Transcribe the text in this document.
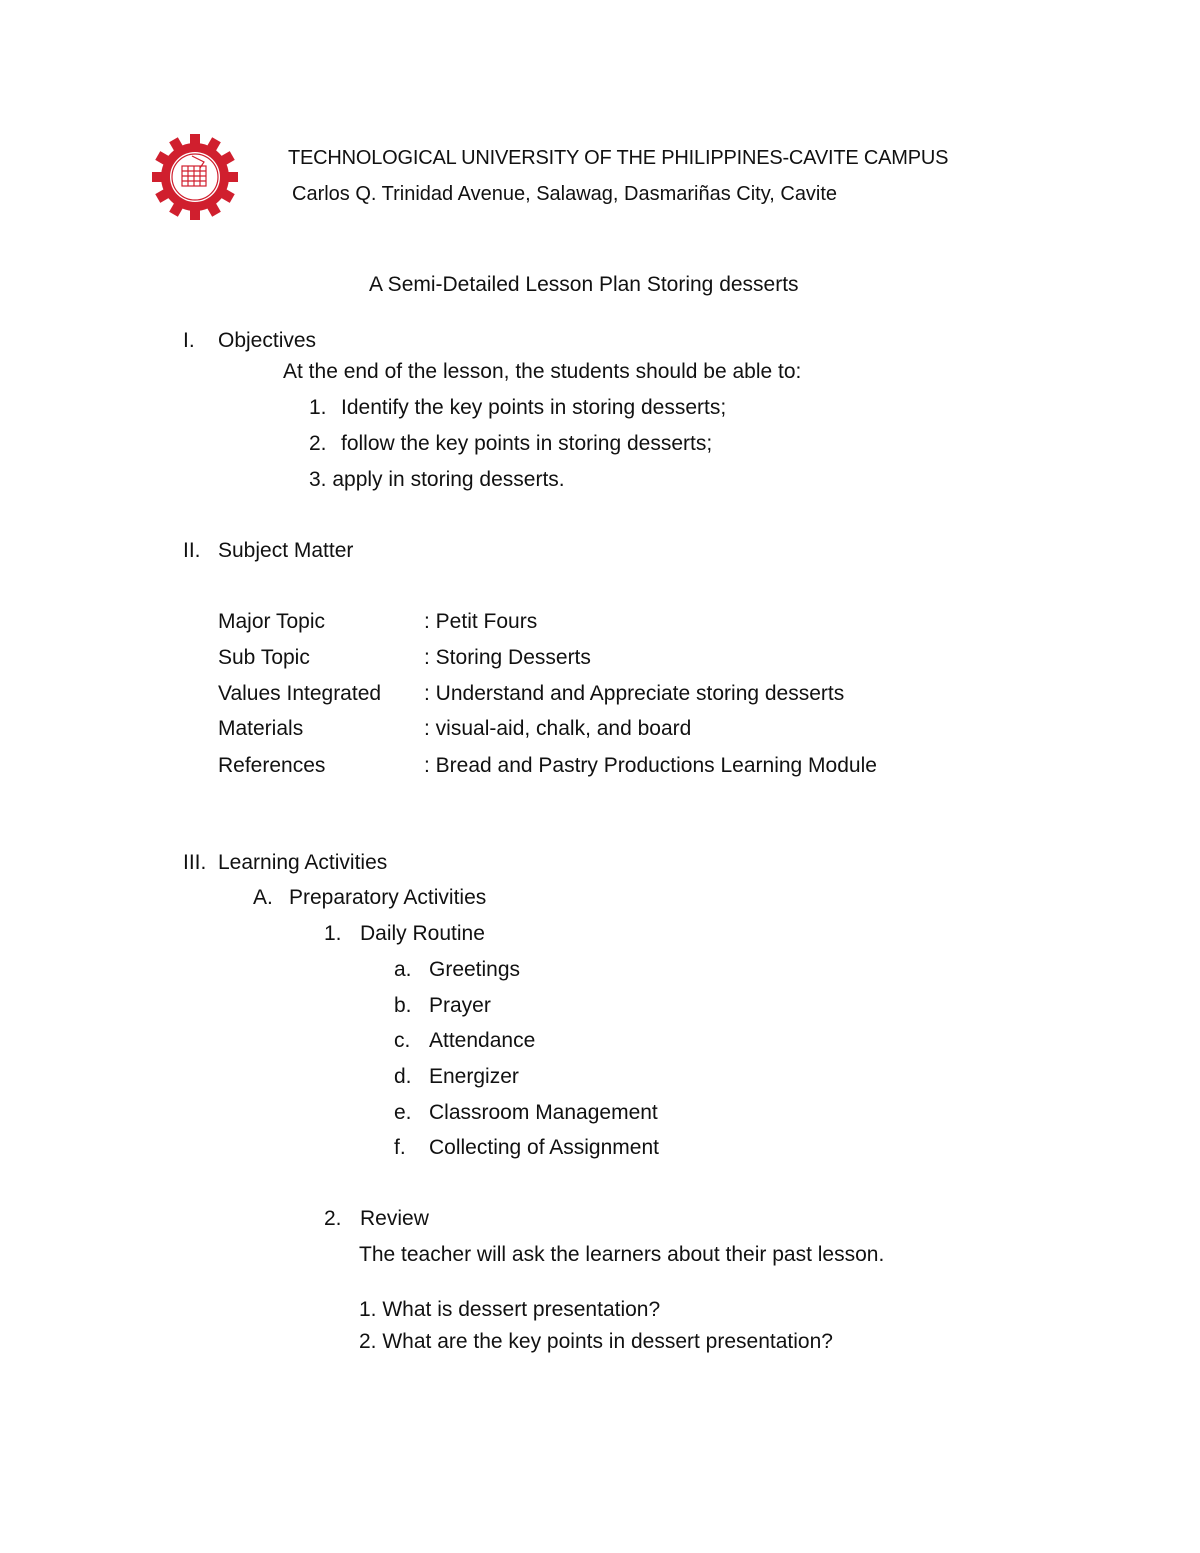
TECHNOLOGICAL UNIVERSITY OF THE PHILIPPINES-CAVITE CAMPUS
Carlos Q. Trinidad Avenue, Salawag, Dasmariñas City, Cavite
A Semi-Detailed Lesson Plan Storing desserts
I. Objectives
At the end of the lesson, the students should be able to:
1. Identify the key points in storing desserts;
2. follow the key points in storing desserts;
3. apply in storing desserts.
II. Subject Matter
Major Topic	: Petit Fours
Sub Topic	: Storing Desserts
Values Integrated : Understand and Appreciate storing desserts
Materials	: visual-aid, chalk, and board
References	: Bread and Pastry Productions Learning Module
III. Learning Activities
A. Preparatory Activities
1. Daily Routine
a. Greetings
b. Prayer
c. Attendance
d. Energizer
e. Classroom Management
f. Collecting of Assignment
2. Review
The teacher will ask the learners about their past lesson.
1. What is dessert presentation?
2. What are the key points in dessert presentation?
